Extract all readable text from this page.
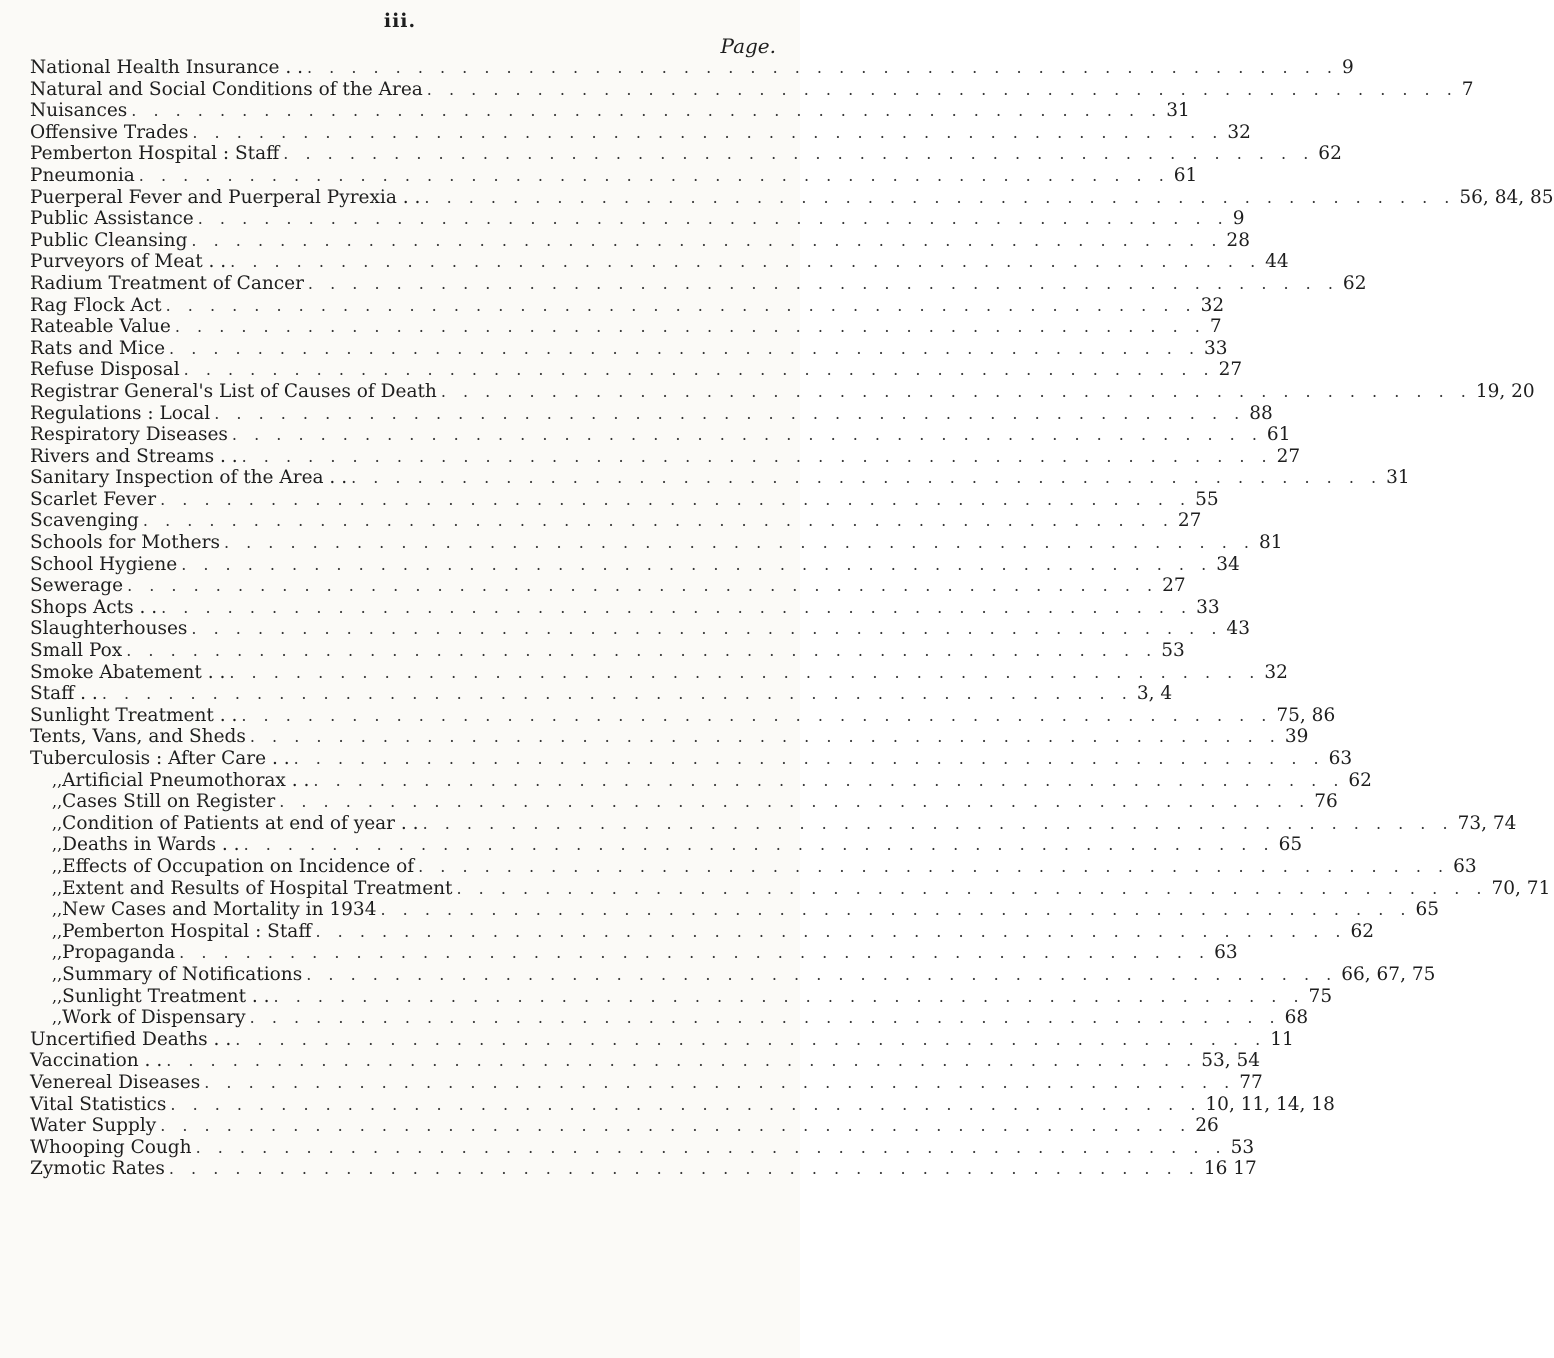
iii.
Page.
National Health Insurance . . . . . . . . . . . . . . . . . . . . . . . . . . . . . . . . . . . . . . . . . . . . . . . . . 9
Natural and Social Conditions of the Area . . . . . . . . . . . . . . . . . . . . . . . . . . . . . . . . . . . . . . . . . . . . . . . 7
Nuisances . . . . . . . . . . . . . . . . . . . . . . . . . . . . . . . . . . . . . . . . . . . . . . . 31
Offensive Trades . . . . . . . . . . . . . . . . . . . . . . . . . . . . . . . . . . . . . . . . . . . . . . . 32
Pemberton Hospital : Staff . . . . . . . . . . . . . . . . . . . . . . . . . . . . . . . . . . . . . . . . . . . . . . . 62
Pneumonia . . . . . . . . . . . . . . . . . . . . . . . . . . . . . . . . . . . . . . . . . . . . . . . 61
Puerperal Fever and Puerperal Pyrexia . . . . . . . . . . . . . . . . . . . . . . . . . . . . . . . . . . . . . . . . . . . . . . . . . 56, 84, 85
Public Assistance . . . . . . . . . . . . . . . . . . . . . . . . . . . . . . . . . . . . . . . . . . . . . . . 9
Public Cleansing . . . . . . . . . . . . . . . . . . . . . . . . . . . . . . . . . . . . . . . . . . . . . . . 28
Purveyors of Meat . . . . . . . . . . . . . . . . . . . . . . . . . . . . . . . . . . . . . . . . . . . . . . . . . 44
Radium Treatment of Cancer . . . . . . . . . . . . . . . . . . . . . . . . . . . . . . . . . . . . . . . . . . . . . . . 62
Rag Flock Act . . . . . . . . . . . . . . . . . . . . . . . . . . . . . . . . . . . . . . . . . . . . . . . 32
Rateable Value . . . . . . . . . . . . . . . . . . . . . . . . . . . . . . . . . . . . . . . . . . . . . . . 7
Rats and Mice . . . . . . . . . . . . . . . . . . . . . . . . . . . . . . . . . . . . . . . . . . . . . . . 33
Refuse Disposal . . . . . . . . . . . . . . . . . . . . . . . . . . . . . . . . . . . . . . . . . . . . . . . 27
Registrar General's List of Causes of Death . . . . . . . . . . . . . . . . . . . . . . . . . . . . . . . . . . . . . . . . . . . . . . . 19, 20
Regulations : Local . . . . . . . . . . . . . . . . . . . . . . . . . . . . . . . . . . . . . . . . . . . . . . . 88
Respiratory Diseases . . . . . . . . . . . . . . . . . . . . . . . . . . . . . . . . . . . . . . . . . . . . . . . 61
Rivers and Streams . . . . . . . . . . . . . . . . . . . . . . . . . . . . . . . . . . . . . . . . . . . . . . . . . 27
Sanitary Inspection of the Area . . . . . . . . . . . . . . . . . . . . . . . . . . . . . . . . . . . . . . . . . . . . . . . . . 31
Scarlet Fever . . . . . . . . . . . . . . . . . . . . . . . . . . . . . . . . . . . . . . . . . . . . . . . 55
Scavenging . . . . . . . . . . . . . . . . . . . . . . . . . . . . . . . . . . . . . . . . . . . . . . . 27
Schools for Mothers . . . . . . . . . . . . . . . . . . . . . . . . . . . . . . . . . . . . . . . . . . . . . . . 81
School Hygiene . . . . . . . . . . . . . . . . . . . . . . . . . . . . . . . . . . . . . . . . . . . . . . . 34
Sewerage . . . . . . . . . . . . . . . . . . . . . . . . . . . . . . . . . . . . . . . . . . . . . . . 27
Shops Acts . . . . . . . . . . . . . . . . . . . . . . . . . . . . . . . . . . . . . . . . . . . . . . . . . 33
Slaughterhouses . . . . . . . . . . . . . . . . . . . . . . . . . . . . . . . . . . . . . . . . . . . . . . . 43
Small Pox . . . . . . . . . . . . . . . . . . . . . . . . . . . . . . . . . . . . . . . . . . . . . . . 53
Smoke Abatement . . . . . . . . . . . . . . . . . . . . . . . . . . . . . . . . . . . . . . . . . . . . . . . . . 32
Staff . . . . . . . . . . . . . . . . . . . . . . . . . . . . . . . . . . . . . . . . . . . . . . . . . 3, 4
Sunlight Treatment . . . . . . . . . . . . . . . . . . . . . . . . . . . . . . . . . . . . . . . . . . . . . . . . . 75, 86
Tents, Vans, and Sheds . . . . . . . . . . . . . . . . . . . . . . . . . . . . . . . . . . . . . . . . . . . . . . . 39
Tuberculosis : After Care . . . . . . . . . . . . . . . . . . . . . . . . . . . . . . . . . . . . . . . . . . . . . . . . . 63
,, Artificial Pneumothorax . . . . . . . . . . . . . . . . . . . . . . . . . . . . . . . . . . . . . . . . . . . . . . . . . 62
,, Cases Still on Register . . . . . . . . . . . . . . . . . . . . . . . . . . . . . . . . . . . . . . . . . . . . . . . 76
,, Condition of Patients at end of year . . . . . . . . . . . . . . . . . . . . . . . . . . . . . . . . . . . . . . . . . . . . . . . . . 73, 74
,, Deaths in Wards . . . . . . . . . . . . . . . . . . . . . . . . . . . . . . . . . . . . . . . . . . . . . . . . . 65
,, Effects of Occupation on Incidence of . . . . . . . . . . . . . . . . . . . . . . . . . . . . . . . . . . . . . . . . . . . . . . . 63
,, Extent and Results of Hospital Treatment . . . . . . . . . . . . . . . . . . . . . . . . . . . . . . . . . . . . . . . . . . . . . . . 70, 71
,, New Cases and Mortality in 1934 . . . . . . . . . . . . . . . . . . . . . . . . . . . . . . . . . . . . . . . . . . . . . . . 65
,, Pemberton Hospital : Staff . . . . . . . . . . . . . . . . . . . . . . . . . . . . . . . . . . . . . . . . . . . . . . . 62
,, Propaganda . . . . . . . . . . . . . . . . . . . . . . . . . . . . . . . . . . . . . . . . . . . . . . . 63
,, Summary of Notifications . . . . . . . . . . . . . . . . . . . . . . . . . . . . . . . . . . . . . . . . . . . . . . . 66, 67, 75
,, Sunlight Treatment . . . . . . . . . . . . . . . . . . . . . . . . . . . . . . . . . . . . . . . . . . . . . . . . . 75
,, Work of Dispensary . . . . . . . . . . . . . . . . . . . . . . . . . . . . . . . . . . . . . . . . . . . . . . . 68
Uncertified Deaths . . . . . . . . . . . . . . . . . . . . . . . . . . . . . . . . . . . . . . . . . . . . . . . . . 11
Vaccination . . . . . . . . . . . . . . . . . . . . . . . . . . . . . . . . . . . . . . . . . . . . . . . . . 53, 54
Venereal Diseases . . . . . . . . . . . . . . . . . . . . . . . . . . . . . . . . . . . . . . . . . . . . . . . 77
Vital Statistics . . . . . . . . . . . . . . . . . . . . . . . . . . . . . . . . . . . . . . . . . . . . . . . 10, 11, 14, 18
Water Supply . . . . . . . . . . . . . . . . . . . . . . . . . . . . . . . . . . . . . . . . . . . . . . . 26
Whooping Cough . . . . . . . . . . . . . . . . . . . . . . . . . . . . . . . . . . . . . . . . . . . . . . . 53
Zymotic Rates . . . . . . . . . . . . . . . . . . . . . . . . . . . . . . . . . . . . . . . . . . . . . . . 16 17
